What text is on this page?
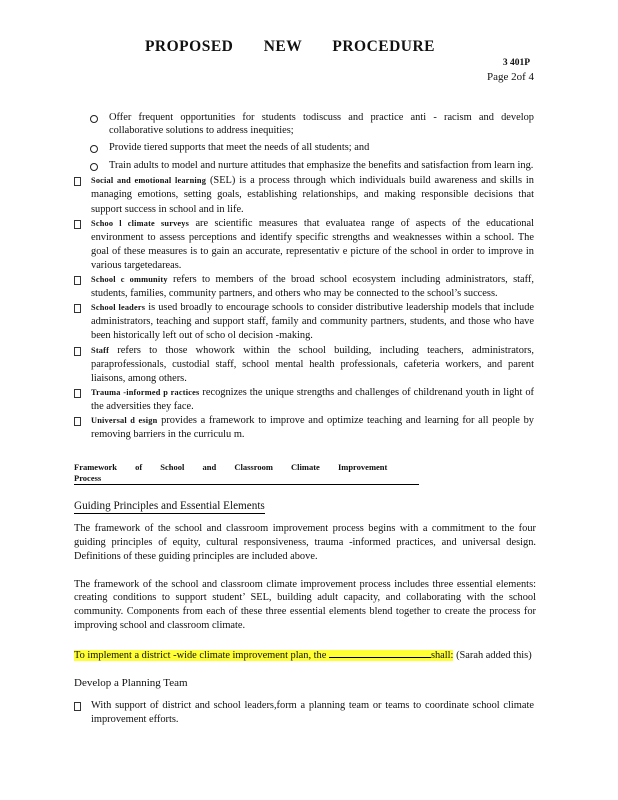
PROPOSED NEW PROCEDURE
3 401P
Page 2of 4
Offer frequent opportunities for students todiscuss and practice anti - racism and develop collaborative solutions to address inequities;
Provide tiered supports that meet the needs of all students; and
Train adults to model and nurture attitudes that emphasize the benefits and satisfaction from learn ing.
Social and emotional learning (SEL) is a process through which individuals build awareness and skills in managing emotions, setting goals, establishing relationships, and making responsible decisions that support success in school and in life.
Schoo l climate surveys are scientific measures that evaluatea range of aspects of the educational environment to assess perceptions and identify specific strengths and weaknesses within a school. The goal of these measures is to gain an accurate, representativ e picture of the school in order to improve in various targetedareas.
School c ommunity refers to members of the broad school ecosystem including administrators, staff, students, families, community partners, and others who may be connected to the school’s success.
School leaders is used broadly to encourage schools to consider distributive leadership models that include administrators, teaching and support staff, family and community partners, students, and those who have been historically left out of scho ol decision -making.
Staff refers to those whowork within the school building, including teachers, administrators, paraprofessionals, custodial staff, school mental health professionals, cafeteria workers, and parent liaisons, among others.
Trauma -informed p ractices recognizes the unique strengths and challenges of childrenand youth in light of the adversities they face.
Universal d esign provides a framework to improve and optimize teaching and learning for all people by removing barriers in the curriculu m.
Framework of School and Classroom Climate Improvement Process
Guiding Principles and Essential Elements
The framework of the school and classroom improvement process begins with a commitment to the four guiding principles of equity, cultural responsiveness, trauma -informed practices, and universal design. Definitions of these guiding principles are included above.
The framework of the school and classroom climate improvement process includes three essential elements: creating conditions to support student’ SEL, building adult capacity, and collaborating with the school community. Components from each of these three essential elements blend together to create the process for improving school and classroom climate.
To implement a district -wide climate improvement plan, the	shall: (Sarah added this)
Develop a Planning Team
With support of district and school leaders,form a planning team or teams to coordinate school climate improvement efforts.
